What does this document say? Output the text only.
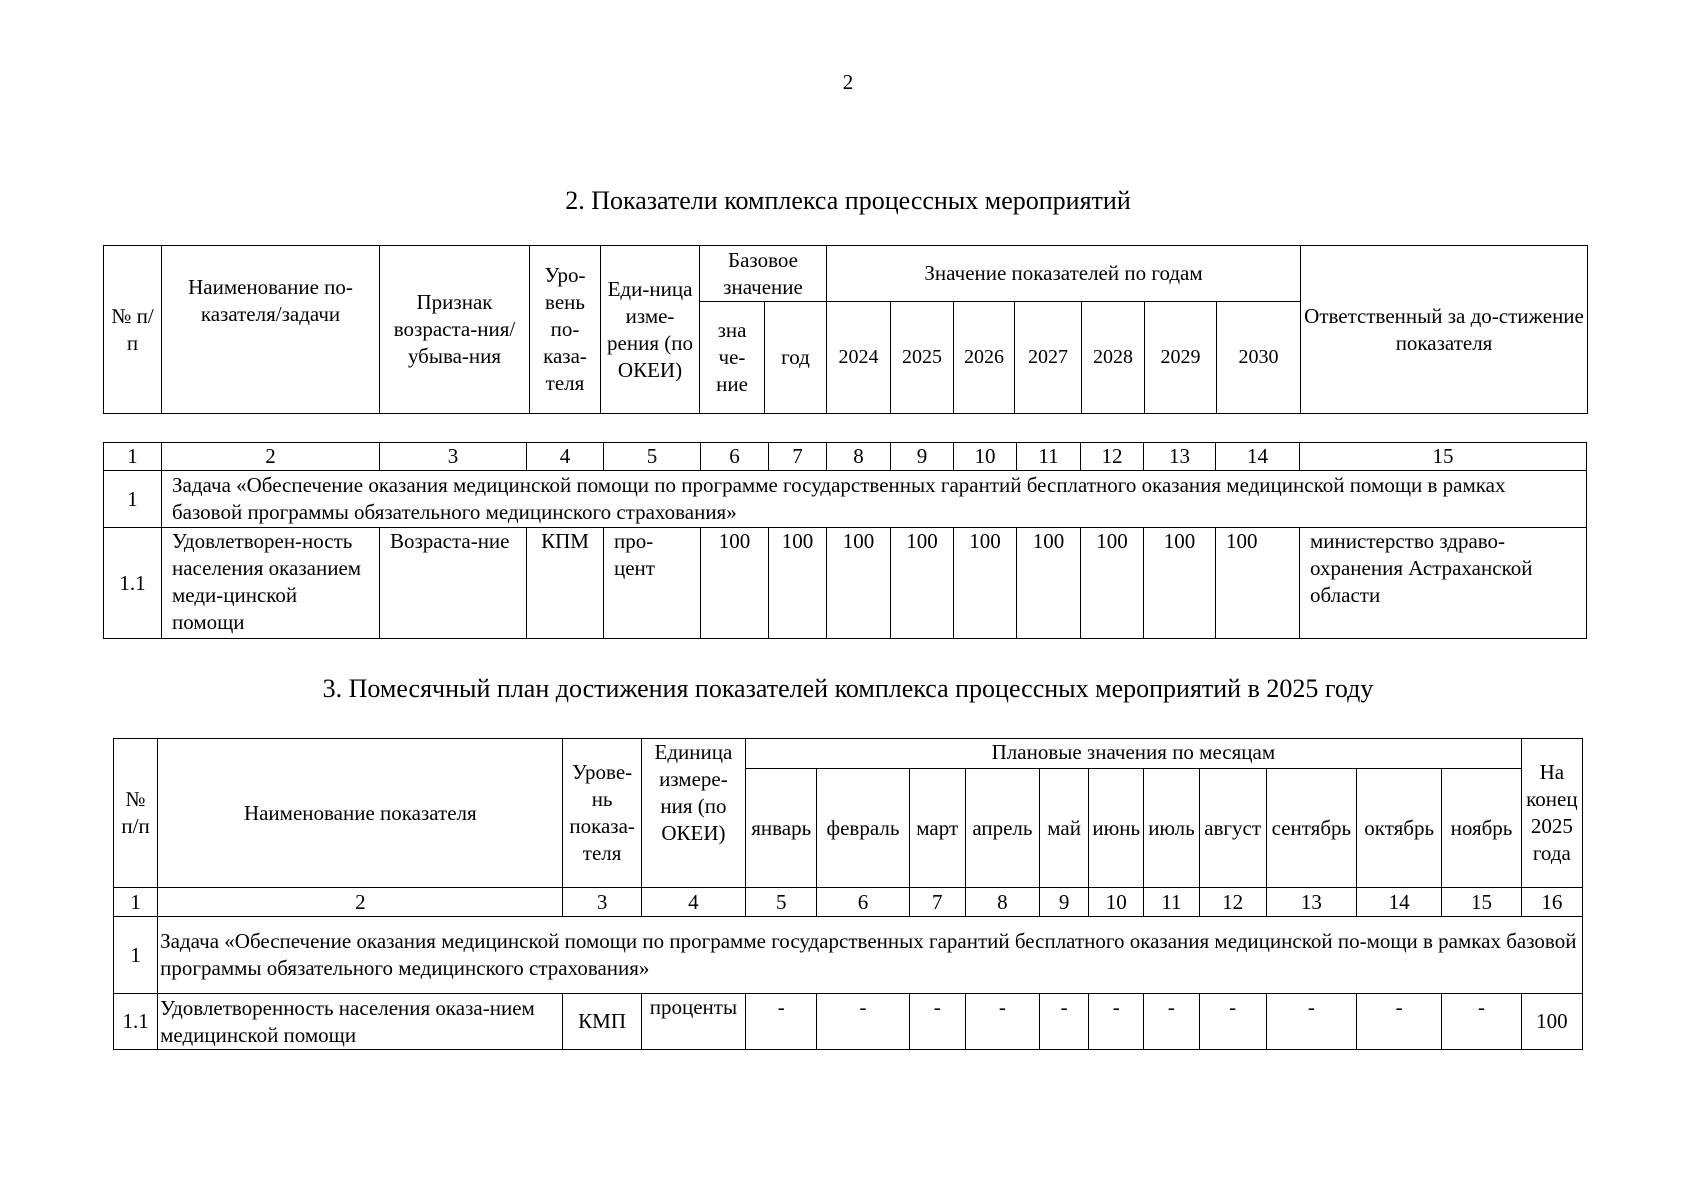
2
2. Показатели комплекса процессных мероприятий
№ п/п	Наименование по-казателя/задачи	Признак возраста-ния/убыва-ния	Уро-вень по-каза-теля	Еди-ница изме-рения (по ОКЕИ)	Базовое значение		Значение показателей по годам							Ответственный за до-стижение показателя
					зна че-ние	год	2024	2025	2026	2027	2028	2029	2030	
1	2	3	4	5	6	7	8	9	10	11	12	13	14	15
1	Задача «Обеспечение оказания медицинской помощи по программе государственных гарантий бесплатного оказания медицинской помощи в рамках базовой программы обязательного медицинского страхования»													
1.1	Удовлетворен-ность населения оказанием меди-цинской помощи	Возраста-ние	КПМ	про-цент	100	100	100	100	100	100	100	100	100	министерство здраво-охранения Астраханской области
3. Помесячный план достижения показателей комплекса процессных мероприятий в 2025 году
№ п/п	Наименование показателя	Урове-нь показа-теля	Единица измере-ния (по ОКЕИ)	Плановые значения по месяцам											На конец 2025 года
				январь	февраль	март	апрель	май	июнь	июль	август	сентябрь	октябрь	ноябрь	
1	2	3	4	5	6	7	8	9	10	11	12	13	14	15	16
1	Задача «Обеспечение оказания медицинской помощи по программе государственных гарантий бесплатного оказания медицинской по-мощи в рамках базовой программы обязательного медицинского страхования»														
1.1	Удовлетворенность населения оказа-нием медицинской помощи	КМП	проценты	-	-	-	-	-	-	-	-	-	-	-	100
